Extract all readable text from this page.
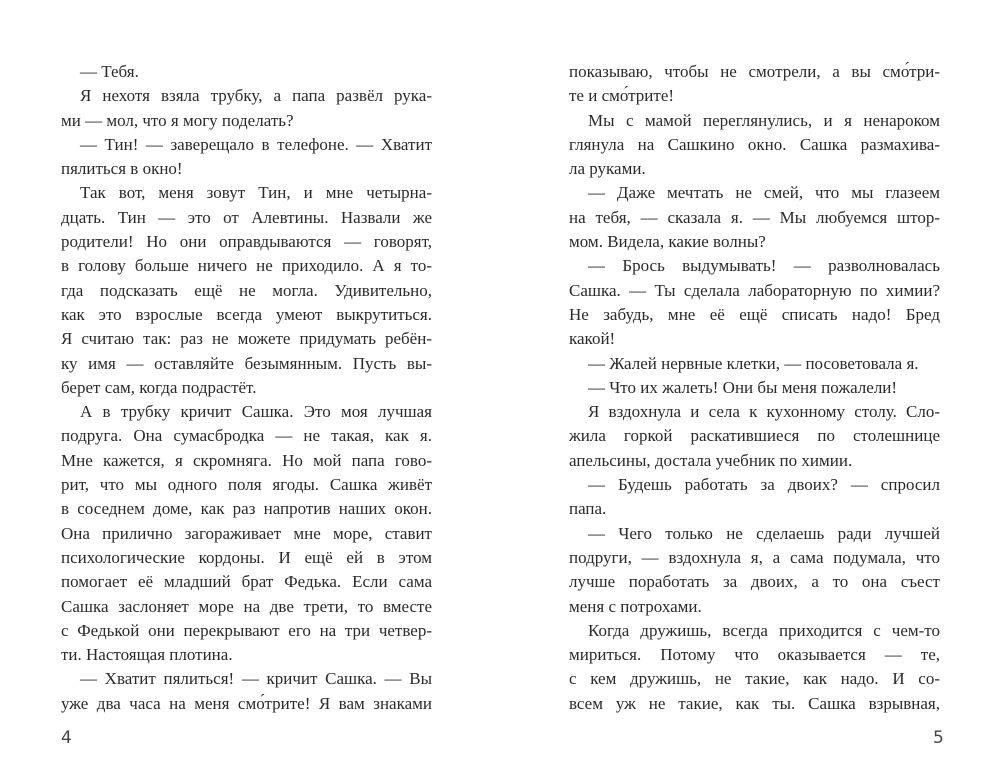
— Тебя.
Я нехотя взяла трубку, а папа развёл рука-
ми — мол, что я могу поделать?
— Тин! — заверещало в телефоне. — Хватит
пялиться в окно!
Так вот, меня зовут Тин, и мне четырна-
дцать. Тин — это от Алевтины. Назвали же
родители! Но они оправдываются — говорят,
в голову больше ничего не приходило. А я то-
гда подсказать ещё не могла. Удивительно,
как это взрослые всегда умеют выкрутиться.
Я считаю так: раз не можете придумать ребён-
ку имя — оставляйте безымянным. Пусть вы-
берет сам, когда подрастёт.
А в трубку кричит Сашка. Это моя лучшая
подруга. Она сумасбродка — не такая, как я.
Мне кажется, я скромняга. Но мой папа гово-
рит, что мы одного поля ягоды. Сашка живёт
в соседнем доме, как раз напротив наших окон.
Она прилично загораживает мне море, ставит
психологические кордоны. И ещё ей в этом
помогает её младший брат Федька. Если сама
Сашка заслоняет море на две трети, то вместе
с Федькой они перекрывают его на три четвер-
ти. Настоящая плотина.
— Хватит пялиться! — кричит Сашка. — Вы
уже два часа на меня смо́трите! Я вам знаками
4
показываю, чтобы не смотрели, а вы смо́три-
те и смо́трите!
Мы с мамой переглянулись, и я ненароком
глянула на Сашкино окно. Сашка размахива-
ла руками.
— Даже мечтать не смей, что мы глазеем
на тебя, — сказала я. — Мы любуемся штор-
мом. Видела, какие волны?
— Брось выдумывать! — разволновалась
Сашка. — Ты сделала лабораторную по химии?
Не забудь, мне её ещё списать надо! Бред
какой!
— Жалей нервные клетки, — посоветовала я.
— Что их жалеть! Они бы меня пожалели!
Я вздохнула и села к кухонному столу. Сло-
жила горкой раскатившиеся по столешнице
апельсины, достала учебник по химии.
— Будешь работать за двоих? — спросил
папа.
— Чего только не сделаешь ради лучшей
подруги, — вздохнула я, а сама подумала, что
лучше поработать за двоих, а то она съест
меня с потрохами.
Когда дружишь, всегда приходится с чем-то
мириться. Потому что оказывается — те,
с кем дружишь, не такие, как надо. И со-
всем уж не такие, как ты. Сашка взрывная,
5
